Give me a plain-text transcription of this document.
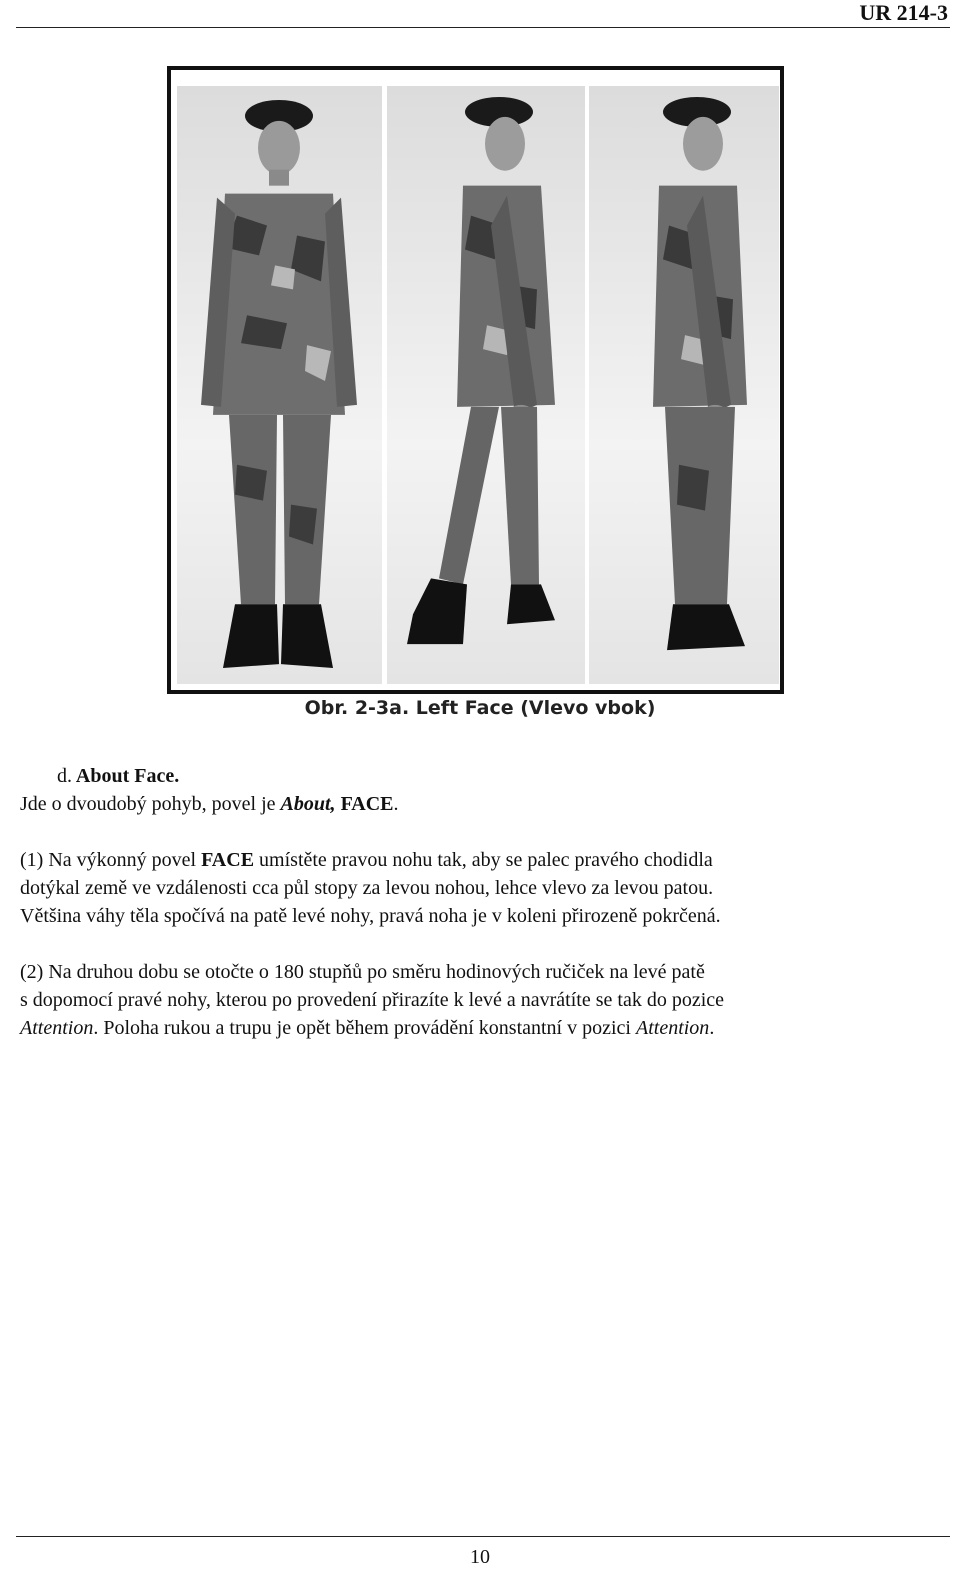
UR 214-3
Obr. 2-3a. Left Face (Vlevo vbok)
d. About Face.
Jde o dvoudobý pohyb, povel je About, FACE.
(1) Na výkonný povel FACE umístěte pravou nohu tak, aby se palec pravého chodidla
dotýkal země ve vzdálenosti cca půl stopy za levou nohou, lehce vlevo za levou patou.
Většina váhy těla spočívá na patě levé nohy, pravá noha je v koleni přirozeně pokrčená.
(2) Na druhou dobu se otočte o 180 stupňů po směru hodinových ručiček na levé patě
s dopomocí pravé nohy, kterou po provedení přirazíte k levé a navrátíte se tak do pozice
Attention. Poloha rukou a trupu je opět během provádění konstantní v pozici Attention.
10
